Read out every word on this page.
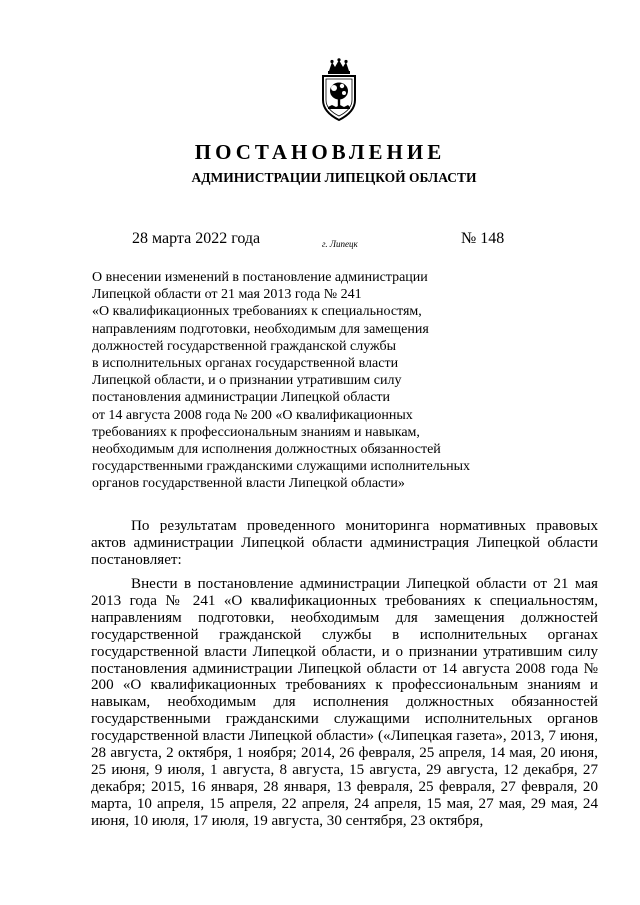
ПОСТАНОВЛЕНИЕ
АДМИНИСТРАЦИИ ЛИПЕЦКОЙ ОБЛАСТИ
28 марта 2022 года	г. Липецк	№ 148
О внесении изменений в постановление администрации
Липецкой области от 21 мая 2013 года № 241
«О квалификационных требованиях к специальностям,
направлениям подготовки, необходимым для замещения
должностей государственной гражданской службы
в исполнительных органах государственной власти
Липецкой области, и о признании утратившим силу
постановления администрации Липецкой области
от 14 августа 2008 года № 200 «О квалификационных
требованиях к профессиональным знаниям и навыкам,
необходимым для исполнения должностных обязанностей
государственными гражданскими служащими исполнительных
органов государственной власти Липецкой области»
По результатам проведенного мониторинга нормативных правовых актов администрации Липецкой области администрация Липецкой области постановляет:
Внести в постановление администрации Липецкой области от 21 мая 2013 года № 241 «О квалификационных требованиях к специальностям, направлениям подготовки, необходимым для замещения должностей государственной гражданской службы в исполнительных органах государственной власти Липецкой области, и о признании утратившим силу постановления администрации Липецкой области от 14 августа 2008 года № 200 «О квалификационных требованиях к профессиональным знаниям и навыкам, необходимым для исполнения должностных обязанностей государственными гражданскими служащими исполнительных органов государственной власти Липецкой области» («Липецкая газета», 2013, 7 июня, 28 августа, 2 октября, 1 ноября; 2014, 26 февраля, 25 апреля, 14 мая, 20 июня, 25 июня, 9 июля, 1 августа, 8 августа, 15 августа, 29 августа, 12 декабря, 27 декабря; 2015, 16 января, 28 января, 13 февраля, 25 февраля, 27 февраля, 20 марта, 10 апреля, 15 апреля, 22 апреля, 24 апреля, 15 мая, 27 мая, 29 мая, 24 июня, 10 июля, 17 июля, 19 августа, 30 сентября, 23 октября,
